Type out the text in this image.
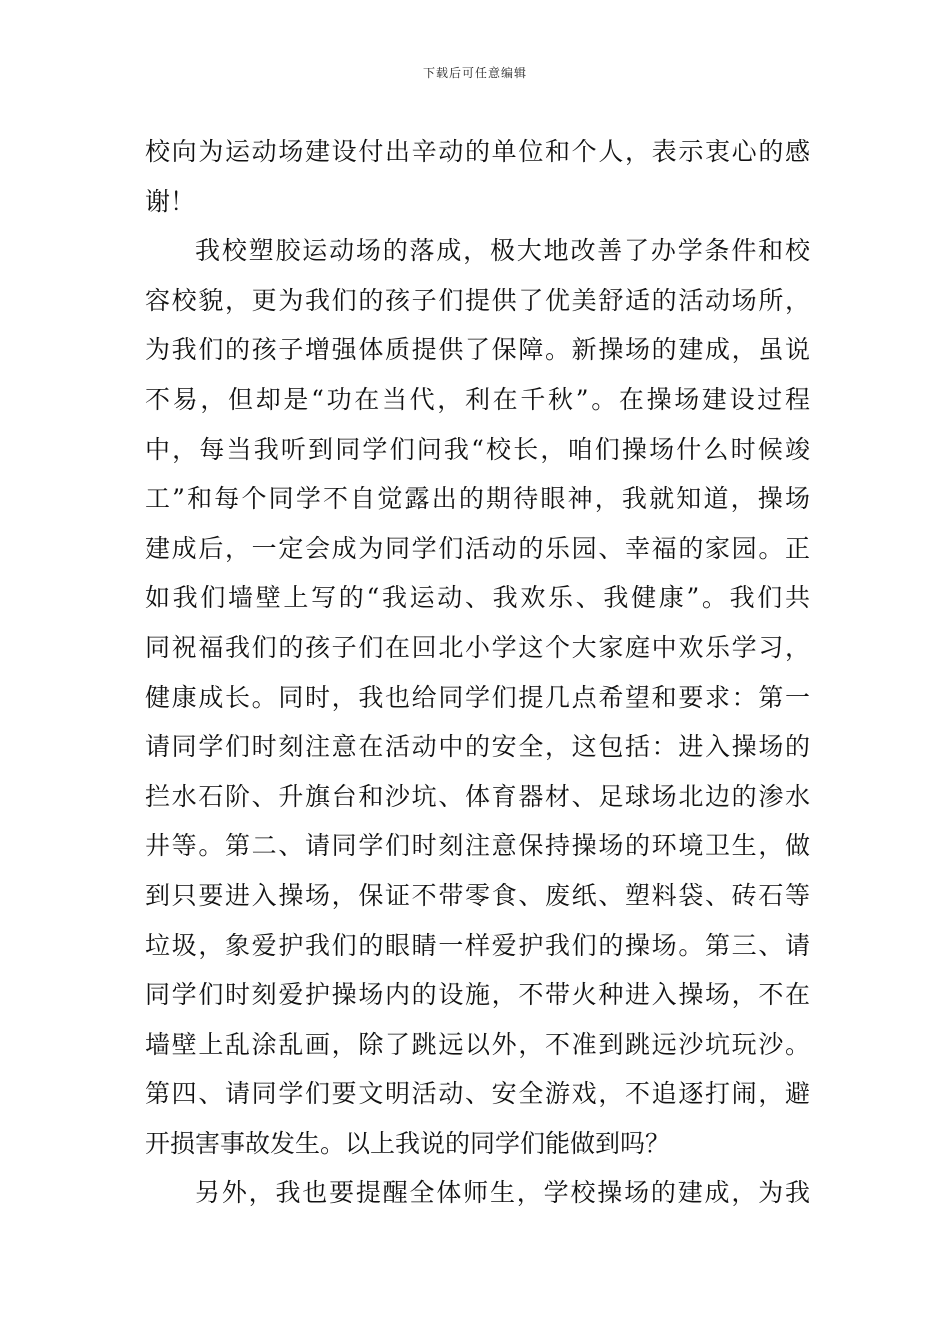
下载后可任意编辑
校向为运动场建设付出辛动的单位和个人，表示衷心的感
谢！
我校塑胶运动场的落成，极大地改善了办学条件和校
容校貌，更为我们的孩子们提供了优美舒适的活动场所，
为我们的孩子增强体质提供了保障。新操场的建成，虽说
不易，但却是“功在当代，利在千秋”。在操场建设过程
中，每当我听到同学们问我“校长，咱们操场什么时候竣
工”和每个同学不自觉露出的期待眼神，我就知道，操场
建成后，一定会成为同学们活动的乐园、幸福的家园。正
如我们墙壁上写的“我运动、我欢乐、我健康”。我们共
同祝福我们的孩子们在回北小学这个大家庭中欢乐学习，
健康成长。同时，我也给同学们提几点希望和要求：第一
请同学们时刻注意在活动中的安全，这包括：进入操场的
拦水石阶、升旗台和沙坑、体育器材、足球场北边的渗水
井等。第二、请同学们时刻注意保持操场的环境卫生，做
到只要进入操场，保证不带零食、废纸、塑料袋、砖石等
垃圾，象爱护我们的眼睛一样爱护我们的操场。第三、请
同学们时刻爱护操场内的设施，不带火种进入操场，不在
墙壁上乱涂乱画，除了跳远以外，不准到跳远沙坑玩沙。
第四、请同学们要文明活动、安全游戏，不追逐打闹，避
开损害事故发生。以上我说的同学们能做到吗？
另外，我也要提醒全体师生，学校操场的建成，为我
